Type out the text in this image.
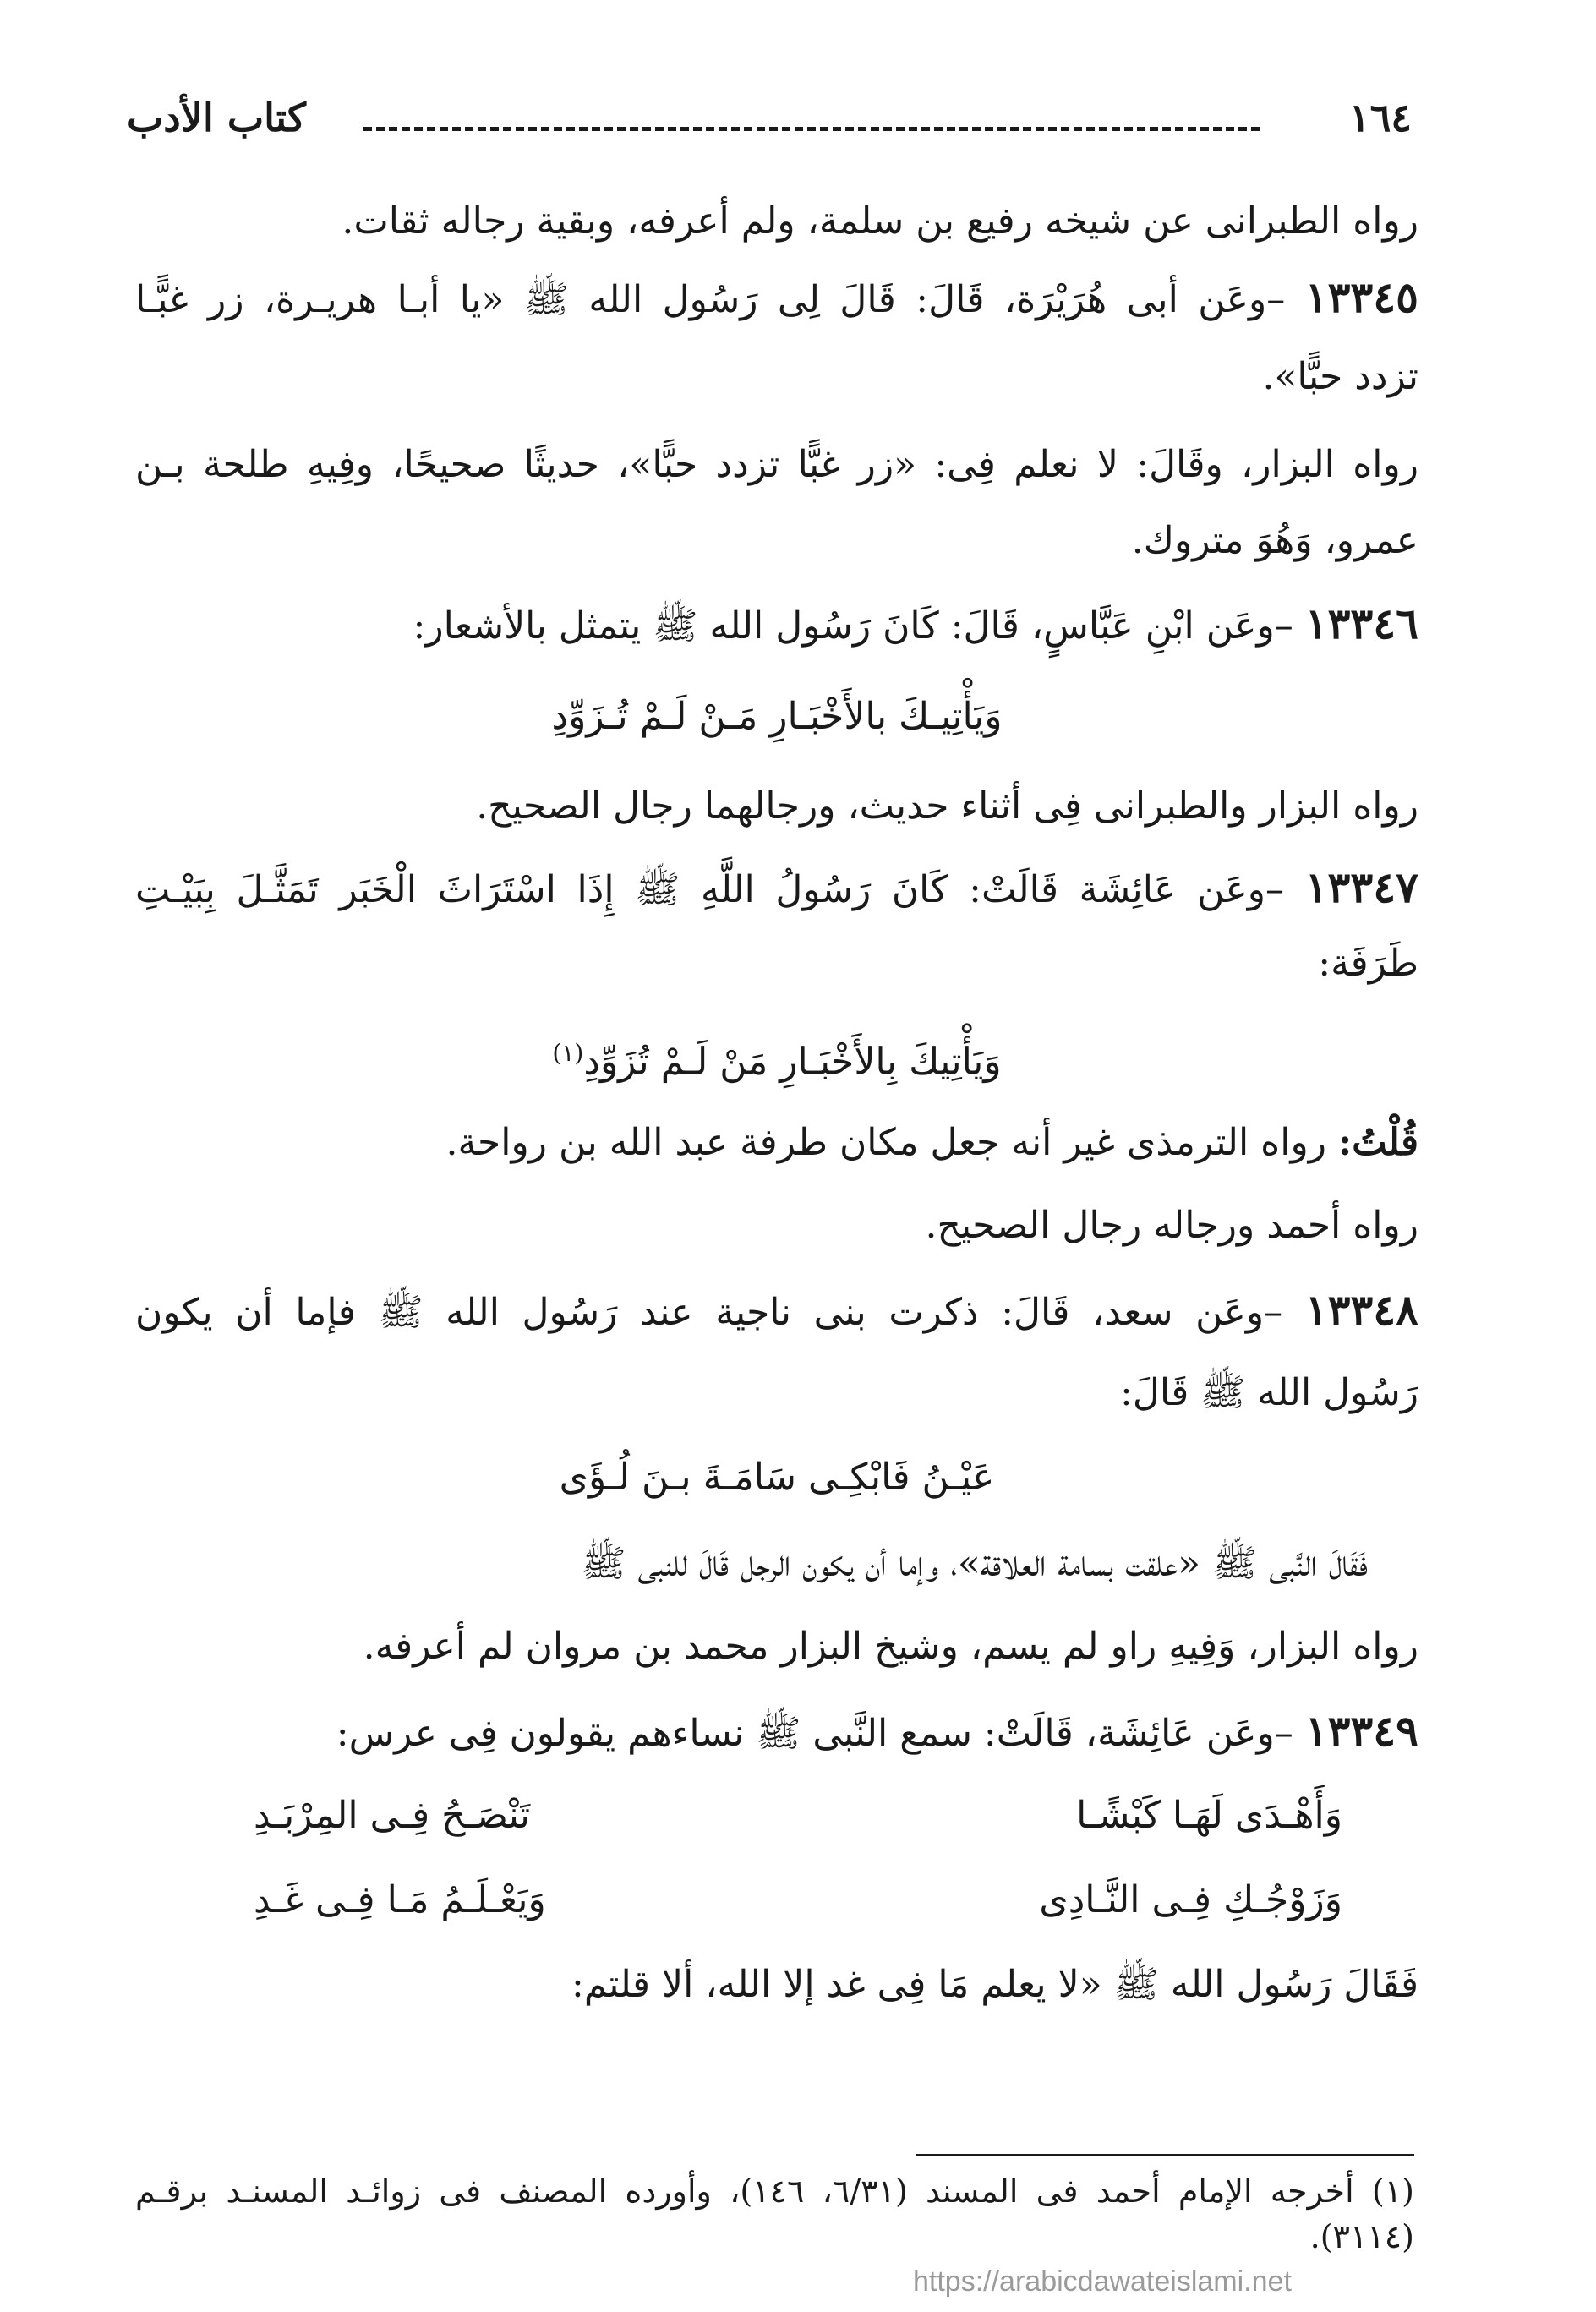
١٦٤
كتاب الأدب
رواه الطبرانى عن شيخه رفيع بن سلمة، ولم أعرفه، وبقية رجاله ثقات.
١٣٣٤٥ –وعَن أبى هُرَيْرَة، قَالَ: قَالَ لِى رَسُول الله ﷺ «يا أبـا هريـرة، زر غبًّـا
تزدد حبًّا».
رواه البزار، وقَالَ: لا نعلم فِى: «زر غبًّا تزدد حبًّا»، حديثًا صحيحًا، وفِيهِ طلحة بـن
عمرو، وَهُوَ متروك.
١٣٣٤٦ –وعَن ابْنِ عَبَّاسٍ، قَالَ: كَانَ رَسُول الله ﷺ يتمثل بالأشعار:
وَيَأْتِيـكَ بالأَخْبَـارِ مَـنْ لَـمْ تُـزَوِّدِ
رواه البزار والطبرانى فِى أثناء حديث، ورجالهما رجال الصحيح.
١٣٣٤٧ –وعَن عَائِشَة قَالَتْ: كَانَ رَسُولُ اللَّهِ ﷺ إِذَا اسْتَرَاثَ الْخَبَر تَمَثَّـلَ بِبَيْـتِ
طَرَفَة:
وَيَأْتِيكَ بِالأَخْبَـارِ مَنْ لَـمْ تُزَوِّدِ$^{(١)}$
قُلْتُ: رواه الترمذى غير أنه جعل مكان طرفة عبد الله بن رواحة.
رواه أحمد ورجاله رجال الصحيح.
١٣٣٤٨ –وعَن سعد، قَالَ: ذكرت بنى ناجية عند رَسُول الله ﷺ فإما أن يكون
رَسُول الله ﷺ قَالَ:
عَيْـنُ فَابْكِـى سَامَـةَ بـنَ لُـؤَى
فَقَالَ النَّبى ﷺ «علقت بسامة العلاقة»، وإما أن يكون الرجل قَالَ للنبى ﷺ
رواه البزار، وَفِيهِ راو لم يسم، وشيخ البزار محمد بن مروان لم أعرفه.
١٣٣٤٩ –وعَن عَائِشَة، قَالَتْ: سمع النَّبى ﷺ نساءهم يقولون فِى عرس:
وَأَهْـدَى لَهَـا كَبْشًـا
تَنْصَـحُ فِـى المِرْبَـدِ
وَزَوْجُـكِ فِـى النَّـادِى
وَيَعْـلَـمُ مَـا فِـى غَـدِ
فَقَالَ رَسُول الله ﷺ «لا يعلم مَا فِى غد إلا الله، ألا قلتم:
(١) أخرجه الإمام أحمد فى المسند (٦/٣١، ١٤٦)، وأورده المصنف فى زوائـد المسنـد برقـم
(٣١١٤).
https://arabicdawateislami.net
